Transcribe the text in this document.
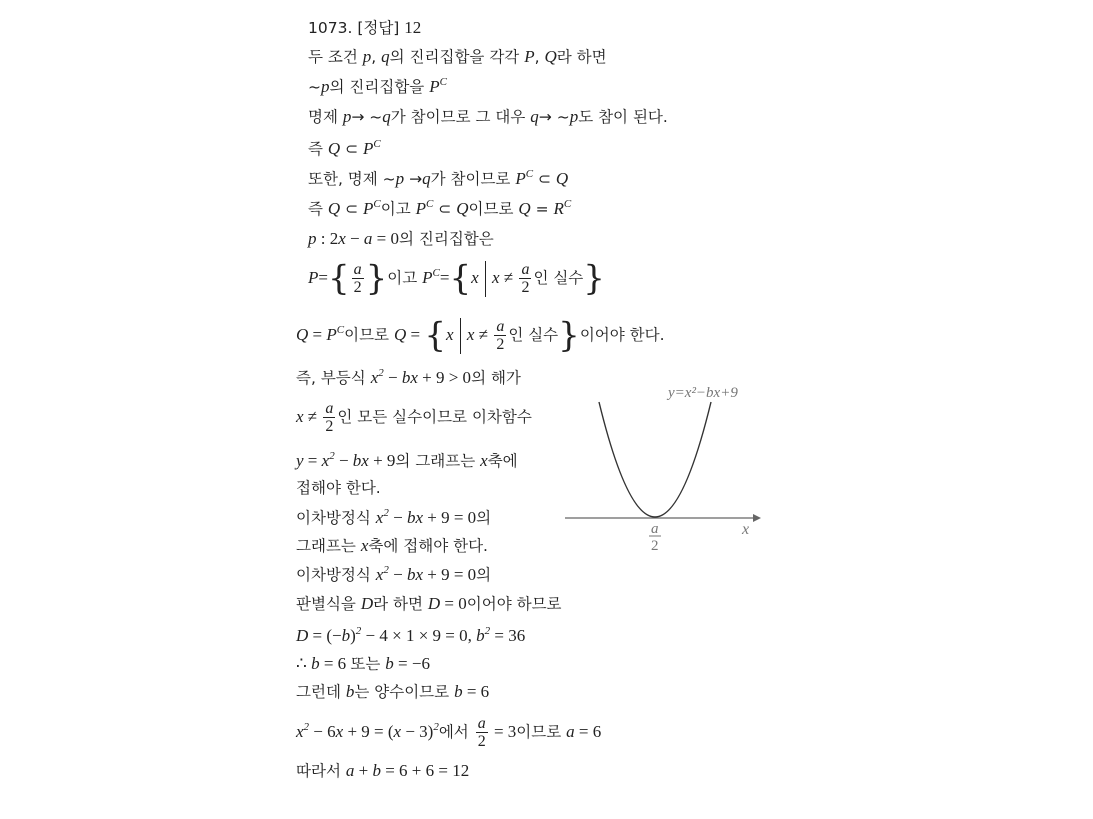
1073. [정답] 12
두 조건 p, q의 진리집합을 각각 P, Q라 하면
~p의 진리집합을 $P^C$
명제 p→ ~q가 참이므로 그 대우 q→ ~p도 참이 된다.
즉 Q ⊂ $P^C$
또한, 명제 ~p →q가 참이므로 $P^C$ ⊂ Q
즉 Q ⊂ $P^C$이고 $P^C$ ⊂ Q이므로 $Q = R^C$
p : 2x − a = 0의 진리집합은
$P=\{ \frac{a}{2}$ }이고 $P^C=\{x$ $x \ne \frac{a}{2}$ 인 실수}
$Q = P^C$이므로 Q = {x $x \ne \frac{a}{2}$ 인 실수}이어야 한다.
즉, 부등식 $x^2$ − bx + 9 > 0의 해가
$x \ne \frac{a}{2}$ 인 모든 실수이므로 이차함수
$y = x^2$ − bx + 9의 그래프는 x축에
접해야 한다.
이차방정식 $x^2$ − bx + 9 = 0의
그래프는 x축에 접해야 한다.
이차방정식 $x^2$ − bx + 9 = 0의
판별식을 D라 하면 D = 0이어야 하므로
$D = (-b)^2 - 4 \times 1 \times 9 = 0$, $b^2 = 36$
∴ b = 6 또는 b = −6
그런데 b는 양수이므로 b = 6
$x^2 - 6x + 9 = (x - 3)^2$에서 $\frac{a}{2} = 3$이므로 a = 6
따라서 a + b = 6 + 6 = 12
y=x²−bx+9
x
a
2
